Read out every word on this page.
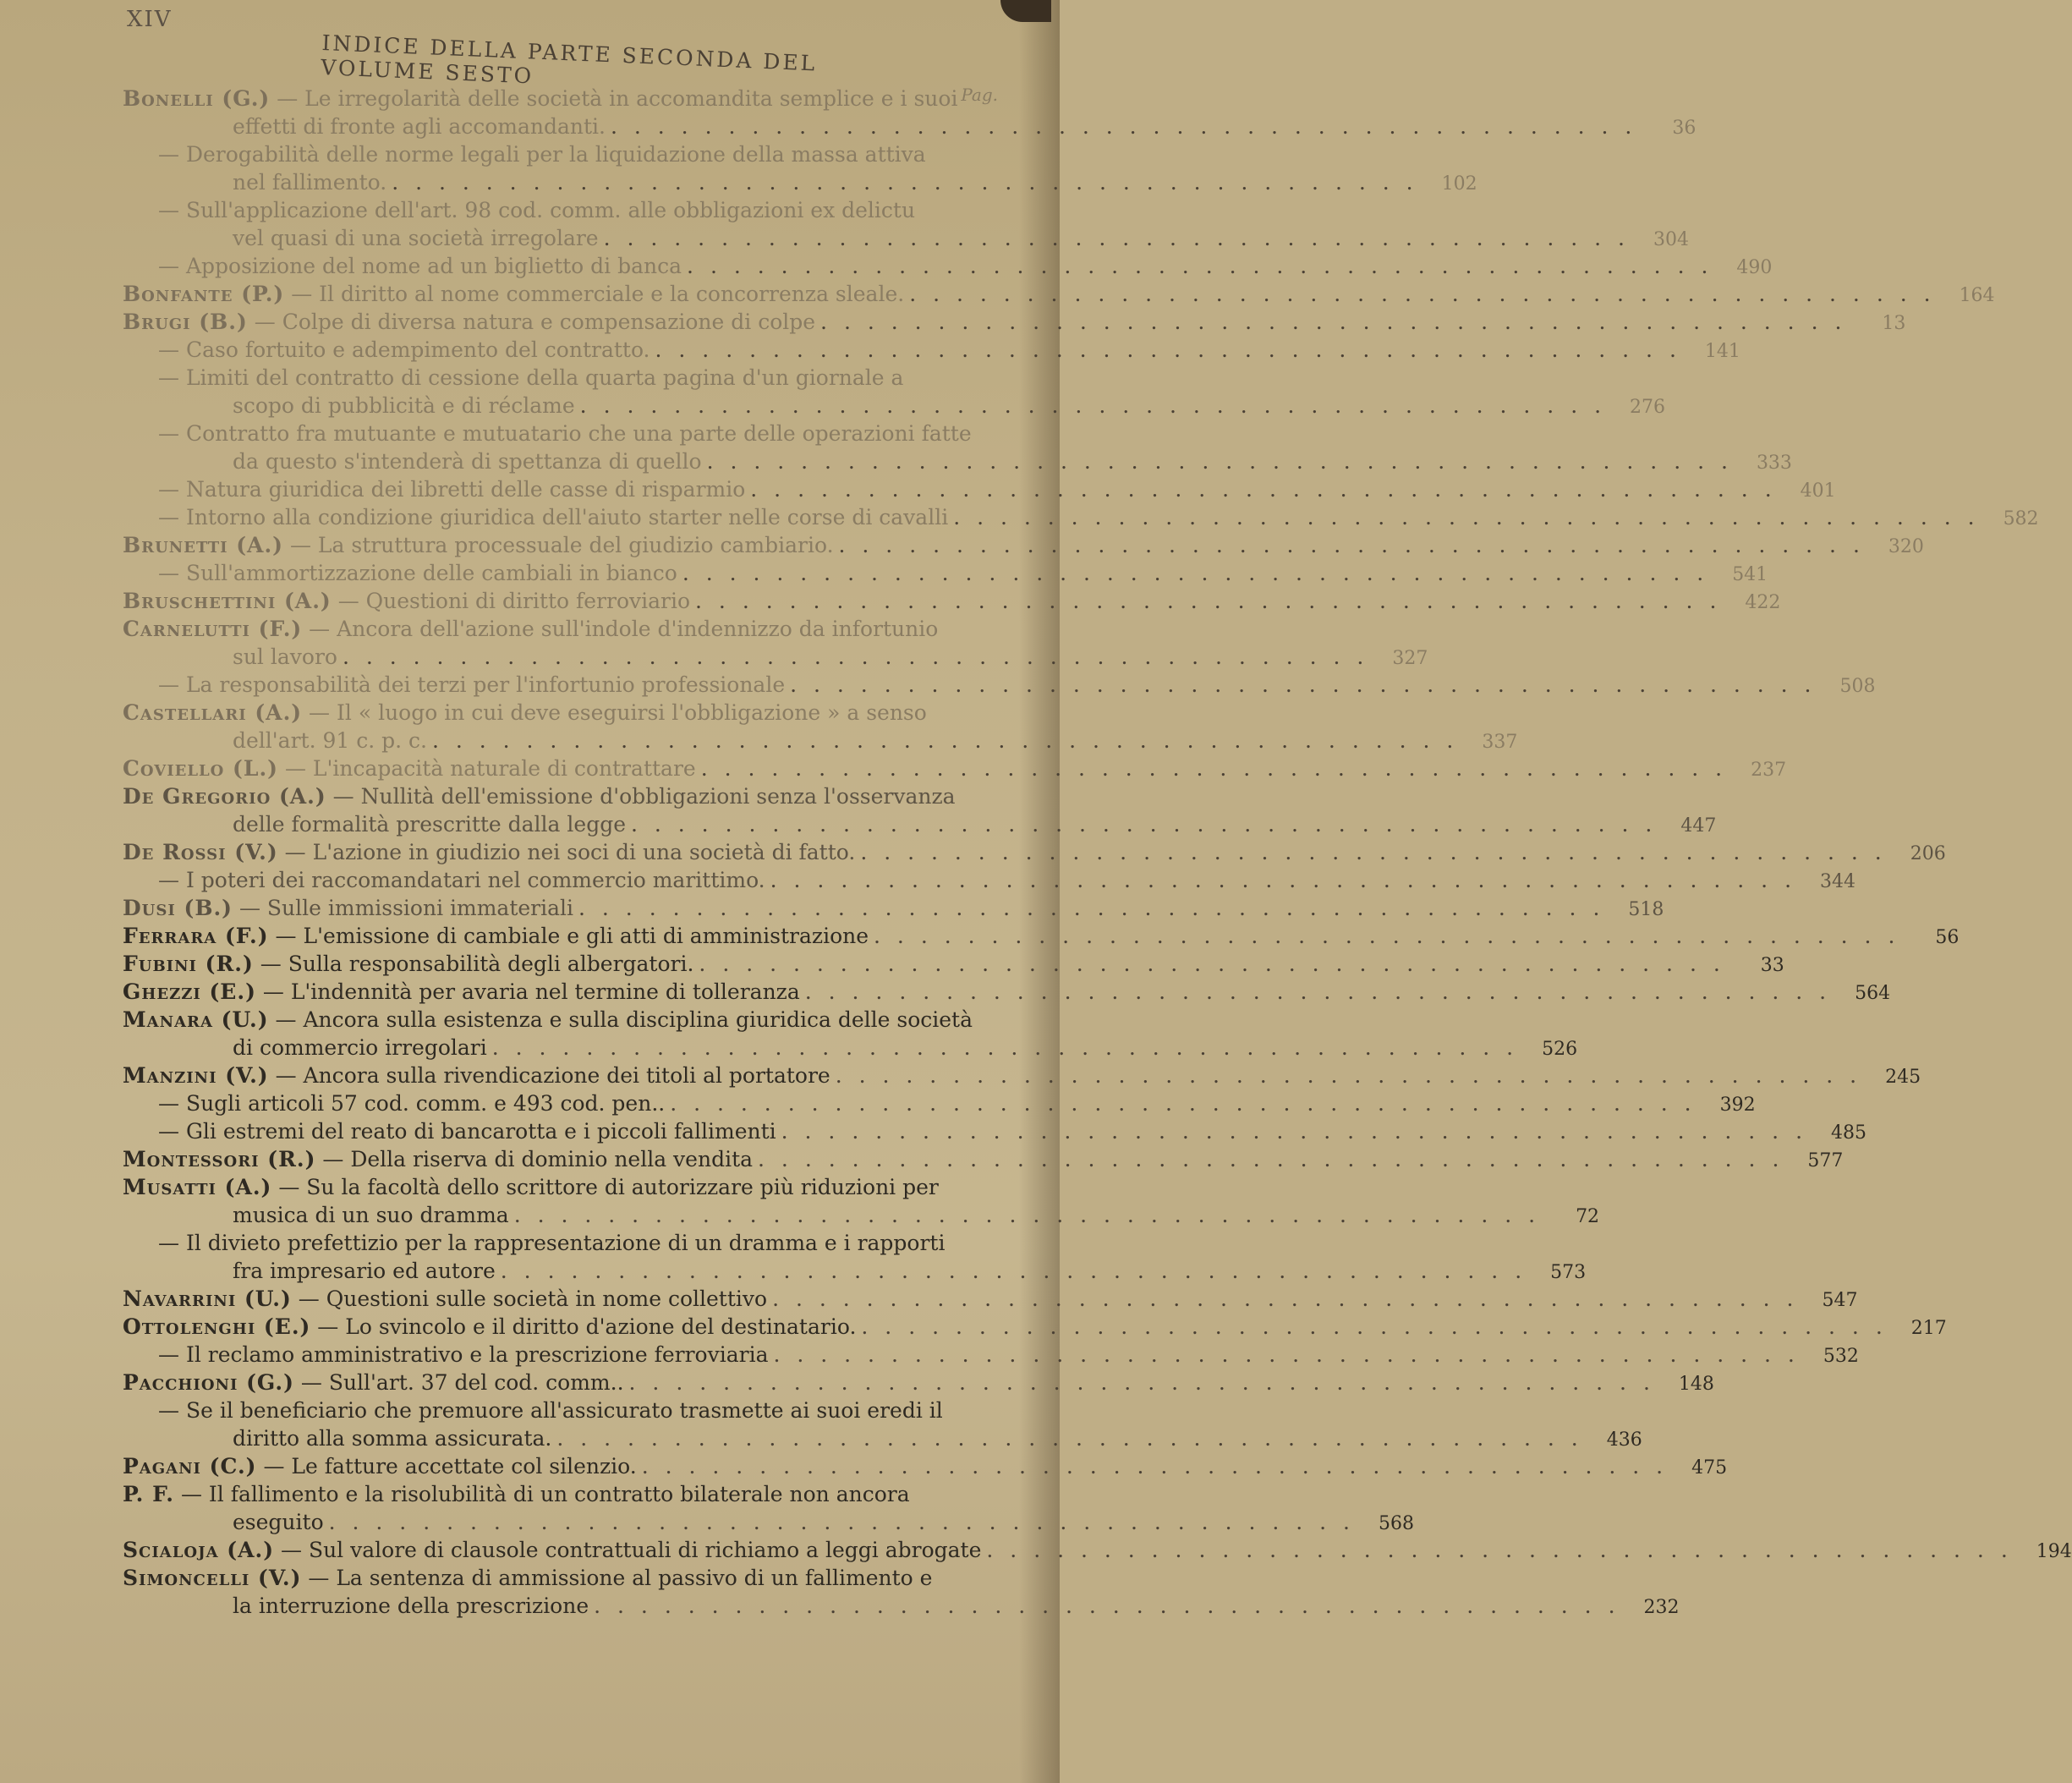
XIV
INDICE DELLA PARTE SECONDA DEL VOLUME SESTO
Pag.
Bonelli (G.) — Le irregolarità delle società in accomandita semplice e i suoi
effetti di fronte agli accomandanti. . . .	36
— Derogabilità delle norme legali per la liquidazione della massa attiva
nel fallimento. . . .	102
— Sull'applicazione dell'art. 98 cod. comm. alle obbligazioni ex delictu
vel quasi di una società irregolare . . .	304
— Apposizione del nome ad un biglietto di banca . . .	490
Bonfante (P.) — Il diritto al nome commerciale e la concorrenza sleale. . . .	164
Brugi (B.) — Colpe di diversa natura e compensazione di colpe . . .	13
— Caso fortuito e adempimento del contratto. . . .	141
— Limiti del contratto di cessione della quarta pagina d'un giornale a
scopo di pubblicità e di réclame . . .	276
— Contratto fra mutuante e mutuatario che una parte delle operazioni fatte
da questo s'intenderà di spettanza di quello . . .	333
— Natura giuridica dei libretti delle casse di risparmio . . .	401
— Intorno alla condizione giuridica dell'aiuto starter nelle corse di cavalli . . .	582
Brunetti (A.) — La struttura processuale del giudizio cambiario. . . .	320
— Sull'ammortizzazione delle cambiali in bianco . . .	541
Bruschettini (A.) — Questioni di diritto ferroviario . . .	422
Carnelutti (F.) — Ancora dell'azione sull'indole d'indennizzo da infortunio
sul lavoro . . .	327
— La responsabilità dei terzi per l'infortunio professionale . . .	508
Castellari (A.) — Il « luogo in cui deve eseguirsi l'obbligazione » a senso
dell'art. 91 c. p. c. . . .	337
Coviello (L.) — L'incapacità naturale di contrattare . . .	237
De Gregorio (A.) — Nullità dell'emissione d'obbligazioni senza l'osservanza
delle formalità prescritte dalla legge . . .	447
De Rossi (V.) — L'azione in giudizio nei soci di una società di fatto. . . .	206
— I poteri dei raccomandatari nel commercio marittimo. . . .	344
Dusi (B.) — Sulle immissioni immateriali . . .	518
Ferrara (F.) — L'emissione di cambiale e gli atti di amministrazione . . .	56
Fubini (R.) — Sulla responsabilità degli albergatori. . . .	33
Ghezzi (E.) — L'indennità per avaria nel termine di tolleranza . . .	564
Manara (U.) — Ancora sulla esistenza e sulla disciplina giuridica delle società
di commercio irregolari . . .	526
Manzini (V.) — Ancora sulla rivendicazione dei titoli al portatore . . .	245
— Sugli articoli 57 cod. comm. e 493 cod. pen.. . . .	392
— Gli estremi del reato di bancarotta e i piccoli fallimenti . . .	485
Montessori (R.) — Della riserva di dominio nella vendita . . .	577
Musatti (A.) — Su la facoltà dello scrittore di autorizzare più riduzioni per
musica di un suo dramma . . .	72
— Il divieto prefettizio per la rappresentazione di un dramma e i rapporti
fra impresario ed autore . . .	573
Navarrini (U.) — Questioni sulle società in nome collettivo . . .	547
Ottolenghi (E.) — Lo svincolo e il diritto d'azione del destinatario. . . .	217
— Il reclamo amministrativo e la prescrizione ferroviaria . . .	532
Pacchioni (G.) — Sull'art. 37 del cod. comm.. . . .	148
— Se il beneficiario che premuore all'assicurato trasmette ai suoi eredi il
diritto alla somma assicurata. . . .	436
Pagani (C.) — Le fatture accettate col silenzio. . . .	475
P. F. — Il fallimento e la risolubilità di un contratto bilaterale non ancora
eseguito . . .	568
Scialoja (A.) — Sul valore di clausole contrattuali di richiamo a leggi abrogate . . .	194
Simoncelli (V.) — La sentenza di ammissione al passivo di un fallimento e
la interruzione della prescrizione . . .	232
